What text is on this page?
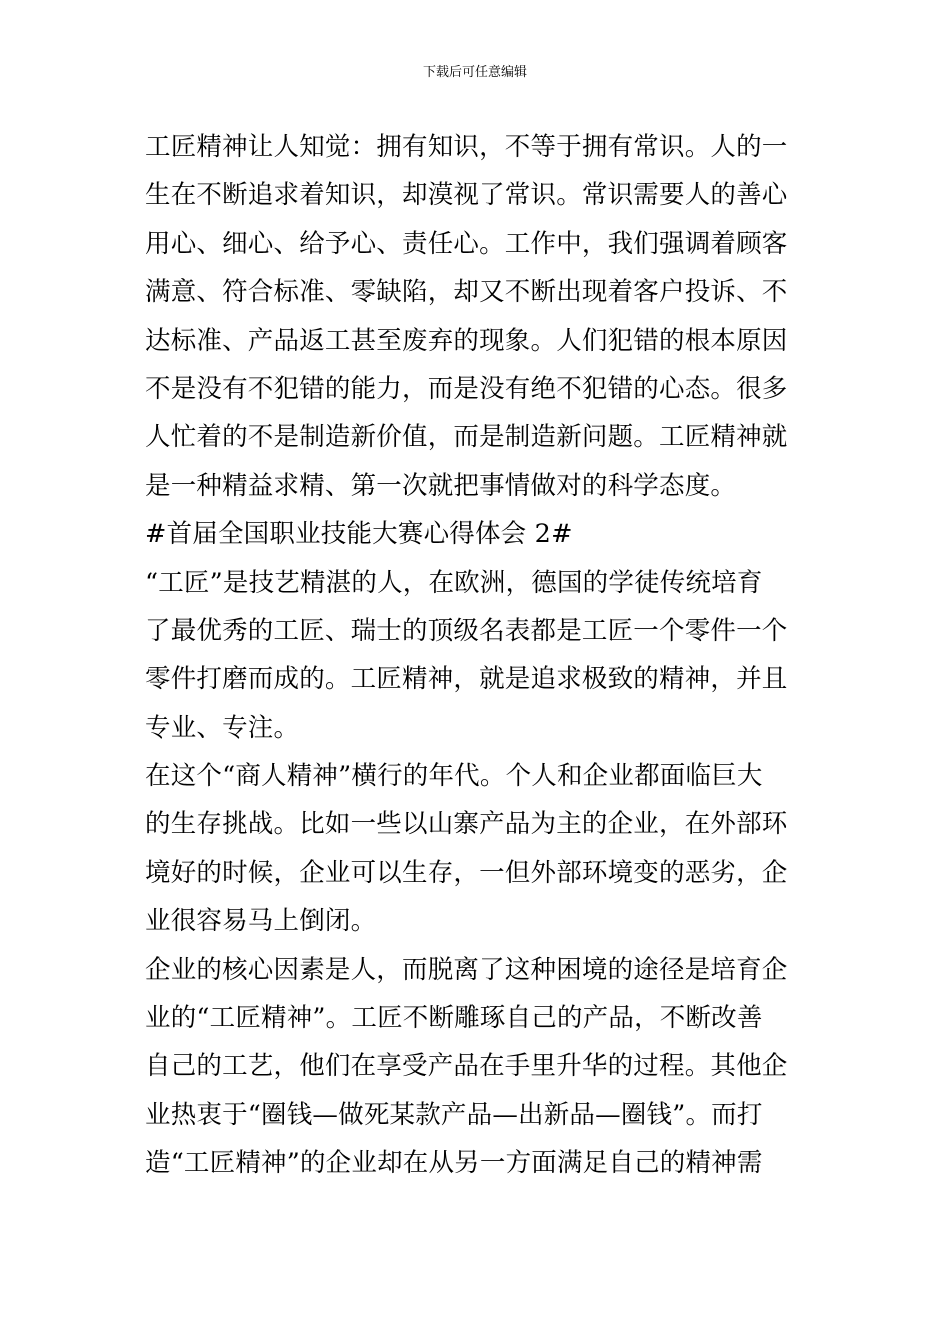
下载后可任意编辑
工匠精神让人知觉：拥有知识，不等于拥有常识。人的一
生在不断追求着知识，却漠视了常识。常识需要人的善心
用心、细心、给予心、责任心。工作中，我们强调着顾客
满意、符合标准、零缺陷，却又不断出现着客户投诉、不
达标准、产品返工甚至废弃的现象。人们犯错的根本原因
不是没有不犯错的能力，而是没有绝不犯错的心态。很多
人忙着的不是制造新价值，而是制造新问题。工匠精神就
是一种精益求精、第一次就把事情做对的科学态度。
#首届全国职业技能大赛心得体会 2#
“工匠”是技艺精湛的人，在欧洲，德国的学徒传统培育
了最优秀的工匠、瑞士的顶级名表都是工匠一个零件一个
零件打磨而成的。工匠精神，就是追求极致的精神，并且
专业、专注。
在这个“商人精神”横行的年代。个人和企业都面临巨大
的生存挑战。比如一些以山寨产品为主的企业，在外部环
境好的时候，企业可以生存，一但外部环境变的恶劣，企
业很容易马上倒闭。
企业的核心因素是人，而脱离了这种困境的途径是培育企
业的“工匠精神”。工匠不断雕琢自己的产品，不断改善
自己的工艺，他们在享受产品在手里升华的过程。其他企
业热衷于“圈钱—做死某款产品—出新品—圈钱”。而打
造“工匠精神”的企业却在从另一方面满足自己的精神需
